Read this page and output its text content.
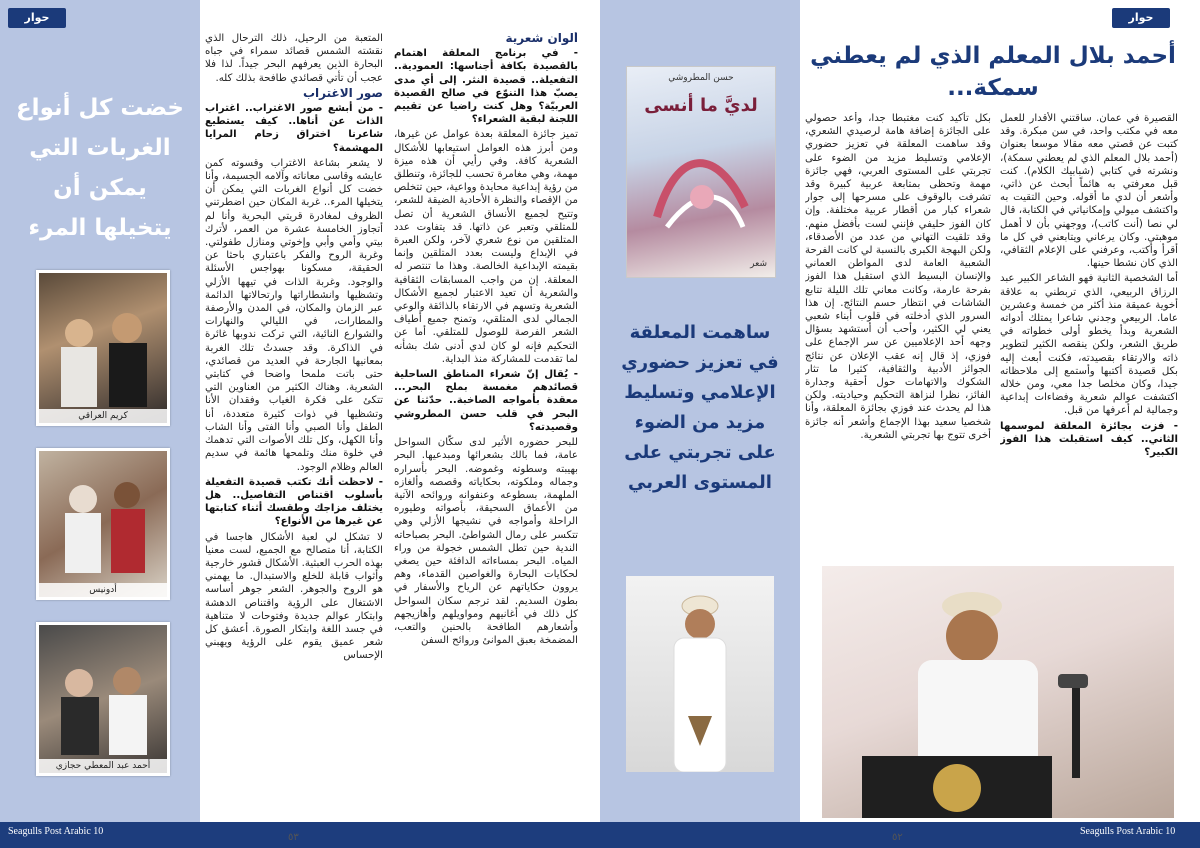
حوار
خضت كل أنواع الغربات التي يمكن أن يتخيلها المرء
كريم العراقي
أدونيس
أحمد عبد المعطي حجازي

المتعبة من الرحيل، ذلك الترحال الذي نقشته الشمس قصائد سمراء في جباه البحارة الذين يعرفهم البحر جيداً. لذا فلا عجب أن تأتي قصائدي طافحة بذلك كله.

صور الاغتراب

- من أبشع صور الاغتراب.. اغتراب الذات عن أناها.. كيف يستطيع شاعرنا اختراق زحام المرايا المهشمة؟

لا يشعر بشاعة الاغتراب وقسوته كمن عايشه وقاسى معاناته وآلامه الجسيمة، وأنا خضت كل أنواع الغربات التي يمكن أن يتخيلها المرء.. غربة المكان حين اضطرتني الظروف لمغادرة قريتي البحرية وأنا لم أتجاوز الخامسة عشرة من العمر، لأترك بيتي وأمي وأبي وإخوتي ومنازل طفولتي. وغربة الروح والفكر باعتباري باحثا عن الحقيقة، مسكونا بهواجس الأسئلة والوجود. وغربة الذات في تيهها الأزلي وتشظيها وانشطاراتها وارتحالاتها الدائمة عبر الزمان والمكان، في المدن والأرصفة والمطارات، في الليالي والنهارات والشوارع النائية، التي تركت ندوبها غائرة في الذاكرة. وقد جسدتُ تلك الغربة بمعانيها الجارحة في العديد من قصائدي، حتى باتت ملمحا واضحا في كتابتي الشعرية. وهناك الكثير من العناوين التي تتكئ على فكرة الغياب وفقدان الأنا وتشظيها في ذوات كثيرة متعددة، أنا الطفل وأنا الصبي وأنا الفتى وأنا الشاب وأنا الكهل، وكل تلك الأصوات التي تدهمك في خلوة منك وتلمحها هائمة في سديم العالم وظلام الوجود.

- لاحظت أنك تكتب قصيدة التفعيلة بأسلوب اقتناص التفاصيل.. هل يختلف مزاجك وطقسك أثناء كتابتها عن غيرها من الأنواع؟

لا تشكل لي لعبة الأشكال هاجسا في الكتابة، أنا متصالح مع الجميع، لست معنيا بهذه الحرب العبثية. الأشكال قشور خارجية وأثواب قابلة للخلع والاستبدال. ما يهمني هو الروح والجوهر. الشعر جوهر أساسه الاشتغال على الرؤية واقتناص الدهشة وابتكار عوالم جديدة وفتوحات لا متناهية في جسد اللغة وابتكار الصورة. أعشق كل شعر عميق يقوم على الرؤية ويهبني الإحساس

ألوان شعرية

- في برنامج المعلقة اهتمام بالقصيدة بكافة أجناسها: العمودية.. التفعيلة.. قصيدة النثر. إلى أي مدى يصبّ هذا التنوّع في صالح القصيدة العربيّة؟ وهل كنت راضيا عن تقييم اللجنة لبقية الشعراء؟

تميز جائزة المعلقة بعدة عوامل عن غيرها، ومن أبرز هذه العوامل استيعابها للأشكال الشعرية كافة. وفي رأيي أن هذه ميزة مهمة، وهي مغامرة تحسب للجائزة، وتنطلق من رؤية إبداعية محايدة وواعية، حين تتخلص من الإقصاء والنظرة الأحادية الضيقة للشعر، وتتيح لجميع الأنساق الشعرية أن تصل للمتلقي وتعبر عن ذاتها. قد يتفاوت عدد المتلقين من نوع شعري لآخر، ولكن العبرة في الإبداع وليست بعدد المتلقين وإنما بقيمته الإبداعية الخالصة. وهذا ما تنتصر له المعلقة. إن من واجب المسابقات الثقافية والشعرية أن تعيد الاعتبار لجميع الأشكال الشعرية وتسهم في الارتقاء بالذائقة والوعي الجمالي لدى المتلقي، وتمنح جميع أطياف الشعر الفرصة للوصول للمتلقي. أما عن التحكيم فإنه لو كان لدي أدنى شك بشأنه لما تقدمت للمشاركة منذ البداية.

- يُقال إنّ شعراء المناطق الساحلية قصائدهم مغمسة بملح البحر... معقدة بأمواجه الصاخبة.. حدّثنا عن البحر في قلب حسن المطروشي وقصيدته؟

للبحر حضوره الأثير لدى سكّان السواحل عامة، فما بالك بشعرائها ومبدعيها. البحر بهيبته وسطوته وغموضه. البحر بأسراره وجماله وملكوته، بحكاياته وقصصه وألغازه الملهمة، بسطوعه وعنفوانه وروائحه الآتية من الأعماق السحيقة، بأصواته وطيوره الراحلة وأمواجه في نشيجها الأزلي وهي تتكسر على رمال الشواطئ. البحر بصباحاته الندية حين تطل الشمس خجولة من وراء المياه. البحر بمساءاته الدافئة حين يصغي لحكايات البحارة والغواصين القدماء، وهم يروون حكاياتهم عن الرياح والأسفار في بطون السديم. لقد ترجم سكان السواحل كل ذلك في أغانيهم ومواويلهم وأهازيجهم وأشعارهم الطافحة بالحنين والتعب، المضمخة بعبق الموانئ وروائح السفن

حسن المطروشي
لديَّ ما أنسى
شعر
ساهمت المعلقة في تعزيز حضوري الإعلامي وتسليط مزيد من الضوء على تجربتي على المستوى العربي

بكل تأكيد كنت مغتبطا جدا، وأعد حصولي على الجائزة إضافة هامة لرصيدي الشعري، وقد ساهمت المعلقة في تعزيز حضوري الإعلامي وتسليط مزيد من الضوء على تجربتي على المستوى العربي، فهي جائزة مهمة وتحظى بمتابعة عربية كبيرة وقد تشرفت بالوقوف على مسرحها إلى جوار شعراء كبار من أقطار عربية مختلفة. وإن كان الفوز حليفي فإنني لست بأفضل منهم. وقد تلقيت التهاني من عدد من الأصدقاء، ولكن البهجة الكبرى بالنسبة لي كانت الفرحة الشعبية العامة لدى المواطن العماني والإنسان البسيط الذي استقبل هذا الفوز بفرحة عارمة، وكانت معاني تلك الليلة تتابع الشاشات في انتظار حسم النتائج. إن هذا السرور الذي أدخلته في قلوب أبناء شعبي يعني لي الكثير، وأحب أن أستشهد بسؤال وجهه أحد الإعلاميين عن سر الإجماع على فوزي، إذ قال إنه عقب الإعلان عن نتائج الجوائز الأدبية والثقافية، كثيرا ما تثار الشكوك والاتهامات حول أحقية وجدارة الفائز، نظرا لنزاهة التحكيم وحياديته. ولكن هذا لم يحدث عند فوزي بجائزة المعلقة، وأنا شخصيا سعيد بهذا الإجماع وأشعر أنه جائزة أخرى تتوج بها تجربتي الشعرية.

أحمد بلال المعلم الذي لم يعطني سمكة...
حوار

القصيرة في عمان. ساقتني الأقدار للعمل معه في مكتب واحد، في سن مبكرة. وقد كتبت عن قصتي معه مقالا موسعا بعنوان (أحمد بلال المعلم الذي لم يعطني سمكة)، ونشرته في كتابي (شبابيك الكلام). كنت قبل معرفتي به هائماً أبحث عن ذاتي، وأشعر أن لدي ما أقوله. وحين التقيت به واكتشف ميولي وإمكانياتي في الكتابة، قال لي نصا (أنت كاتب)، ووجهني بأن لا أهمل موهبتي. وكان يرعاني ويتابعني في كل ما أقرأ وأكتب، وعرفني على الإعلام الثقافي، الذي كان نشطا حينها.

أما الشخصية الثانية فهو الشاعر الكبير عبد الرزاق الربيعي، الذي تربطني به علاقة أخوية عميقة منذ أكثر من خمسة وعشرين عاما. الربيعي وجدني شاعرا يمتلك أدواته الشعرية وبدأ يخطو أولى خطواته في طريق الشعر، ولكن ينقصه الكثير لتطوير ذاته والارتقاء بقصيدته، فكنت أبعث إليه بكل قصيدة أكتبها وأستمع إلى ملاحظاته جيدا، وكان مخلصا جدا معي، ومن خلاله اكتشفت عوالم شعرية وفضاءات إبداعية وجمالية لم أعرفها من قبل.

- فزت بجائزة المعلقة لموسمها الثاني.. كيف استقبلت هذا الفوز الكبير؟

Seagulls Post Arabic 10	Seagulls Post Arabic 10
٥٣	٥٢
